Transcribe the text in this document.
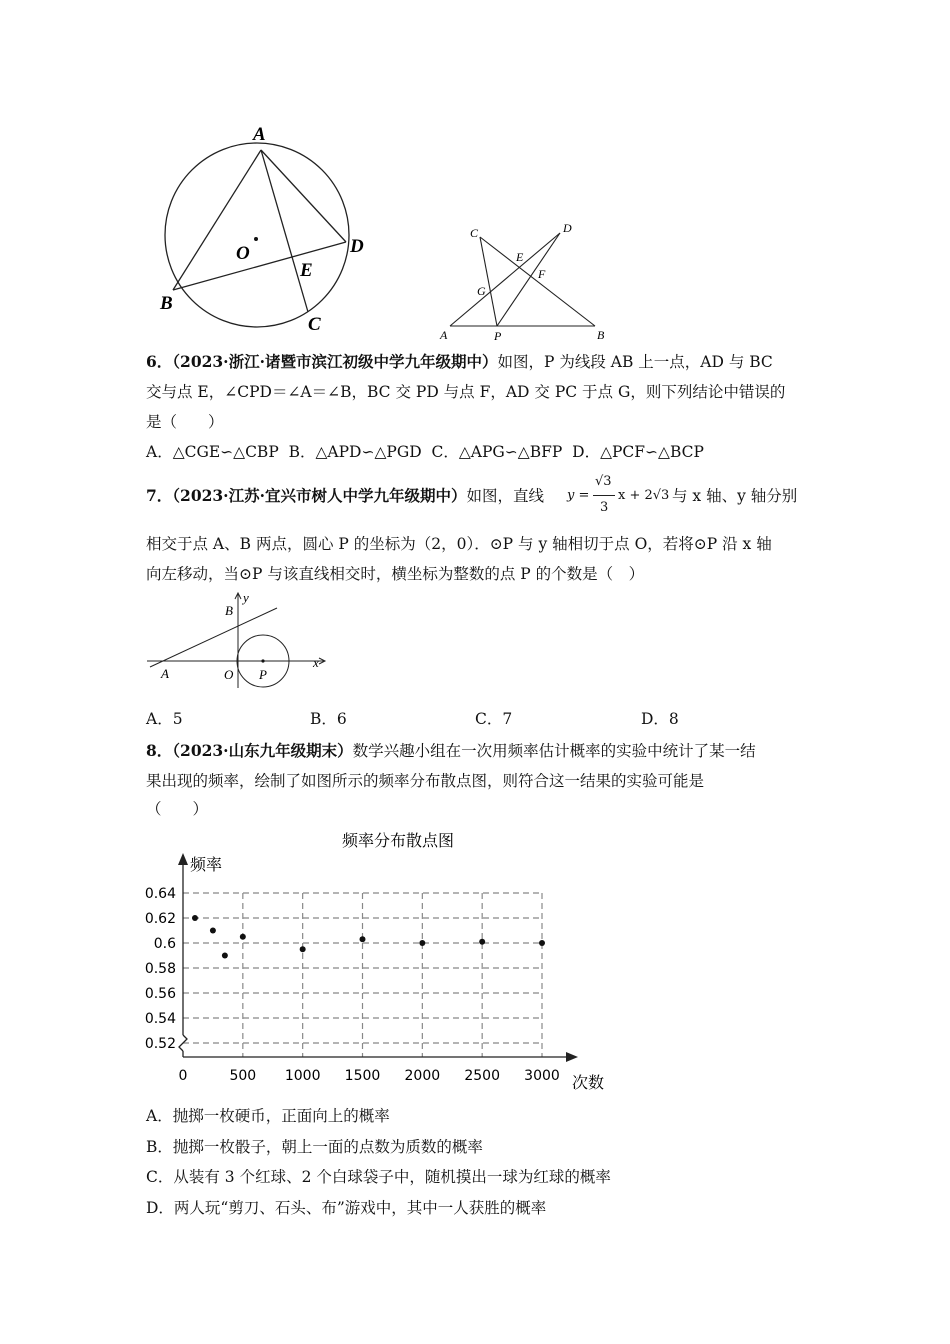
A
O	D
E
B
C
C	D
E
F
G
A	P	B
6．（2023·浙江·诸暨市滨江初级中学九年级期中）如图，P 为线段 AB 上一点，AD 与 BC
交与点 E，∠CPD＝∠A＝∠B，BC 交 PD 与点 F，AD 交 PC 于点 G，则下列结论中错误的
是（　　）
A．△CGE∽△CBP B．△APD∽△PGD C．△APG∽△BFP D．△PCF∽△BCP
7．（2023·江苏·宜兴市树人中学九年级期中）如图，直线 y =
√3
3
x + 2√3 与 x 轴、y 轴分别
相交于点 A、B 两点，圆心 P 的坐标为（2，0）．⊙P 与 y 轴相切于点 O，若将⊙P 沿 x 轴
向左移动，当⊙P 与该直线相交时，横坐标为整数的点 P 的个数是（　）
y
B
x
A	O P
A．5	B．6	C．7	D．8
8．（2023·山东九年级期末）数学兴趣小组在一次用频率估计概率的实验中统计了某一结
果出现的频率，绘制了如图所示的频率分布散点图，则符合这一结果的实验可能是
（　　）
频率分布散点图
频率
次数
0.52
0.54
0.56
0.58
0.6
0.62
0.64
0	500 1000 1500 2000 2500 3000
A．抛掷一枚硬币，正面向上的概率
B．抛掷一枚骰子，朝上一面的点数为质数的概率
C．从装有 3 个红球、2 个白球袋子中，随机摸出一球为红球的概率
D．两人玩“剪刀、石头、布”游戏中，其中一人获胜的概率
